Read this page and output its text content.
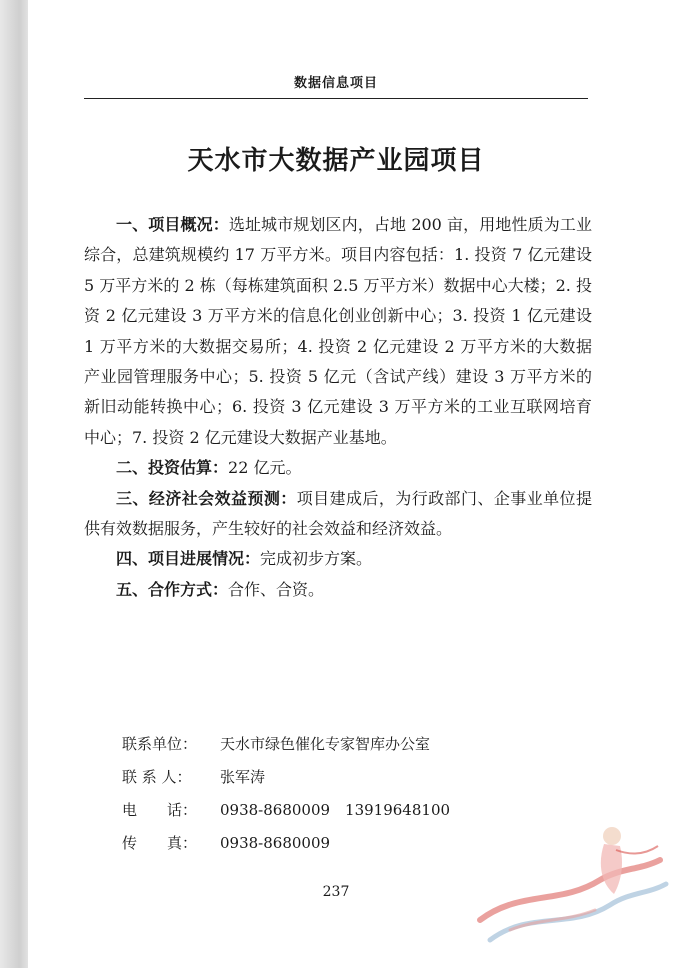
数据信息项目
天水市大数据产业园项目

一、项目概况：选址城市规划区内，占地 200 亩，用地性质为工业综合，总建筑规模约 17 万平方米。项目内容包括：1. 投资 7 亿元建设 5 万平方米的 2 栋（每栋建筑面积 2.5 万平方米）数据中心大楼；2. 投资 2 亿元建设 3 万平方米的信息化创业创新中心；3. 投资 1 亿元建设 1 万平方米的大数据交易所；4. 投资 2 亿元建设 2 万平方米的大数据产业园管理服务中心；5. 投资 5 亿元（含试产线）建设 3 万平方米的新旧动能转换中心；6. 投资 3 亿元建设 3 万平方米的工业互联网培育中心；7. 投资 2 亿元建设大数据产业基地。

二、投资估算：22 亿元。

三、经济社会效益预测：项目建成后，为行政部门、企事业单位提供有效数据服务，产生较好的社会效益和经济效益。

四、项目进展情况：完成初步方案。

五、合作方式：合作、合资。

联系单位： 天水市绿色催化专家智库办公室
联 系 人： 张军涛
电　　话： 0938-8680009　13919648100
传　　真： 0938-8680009
237
